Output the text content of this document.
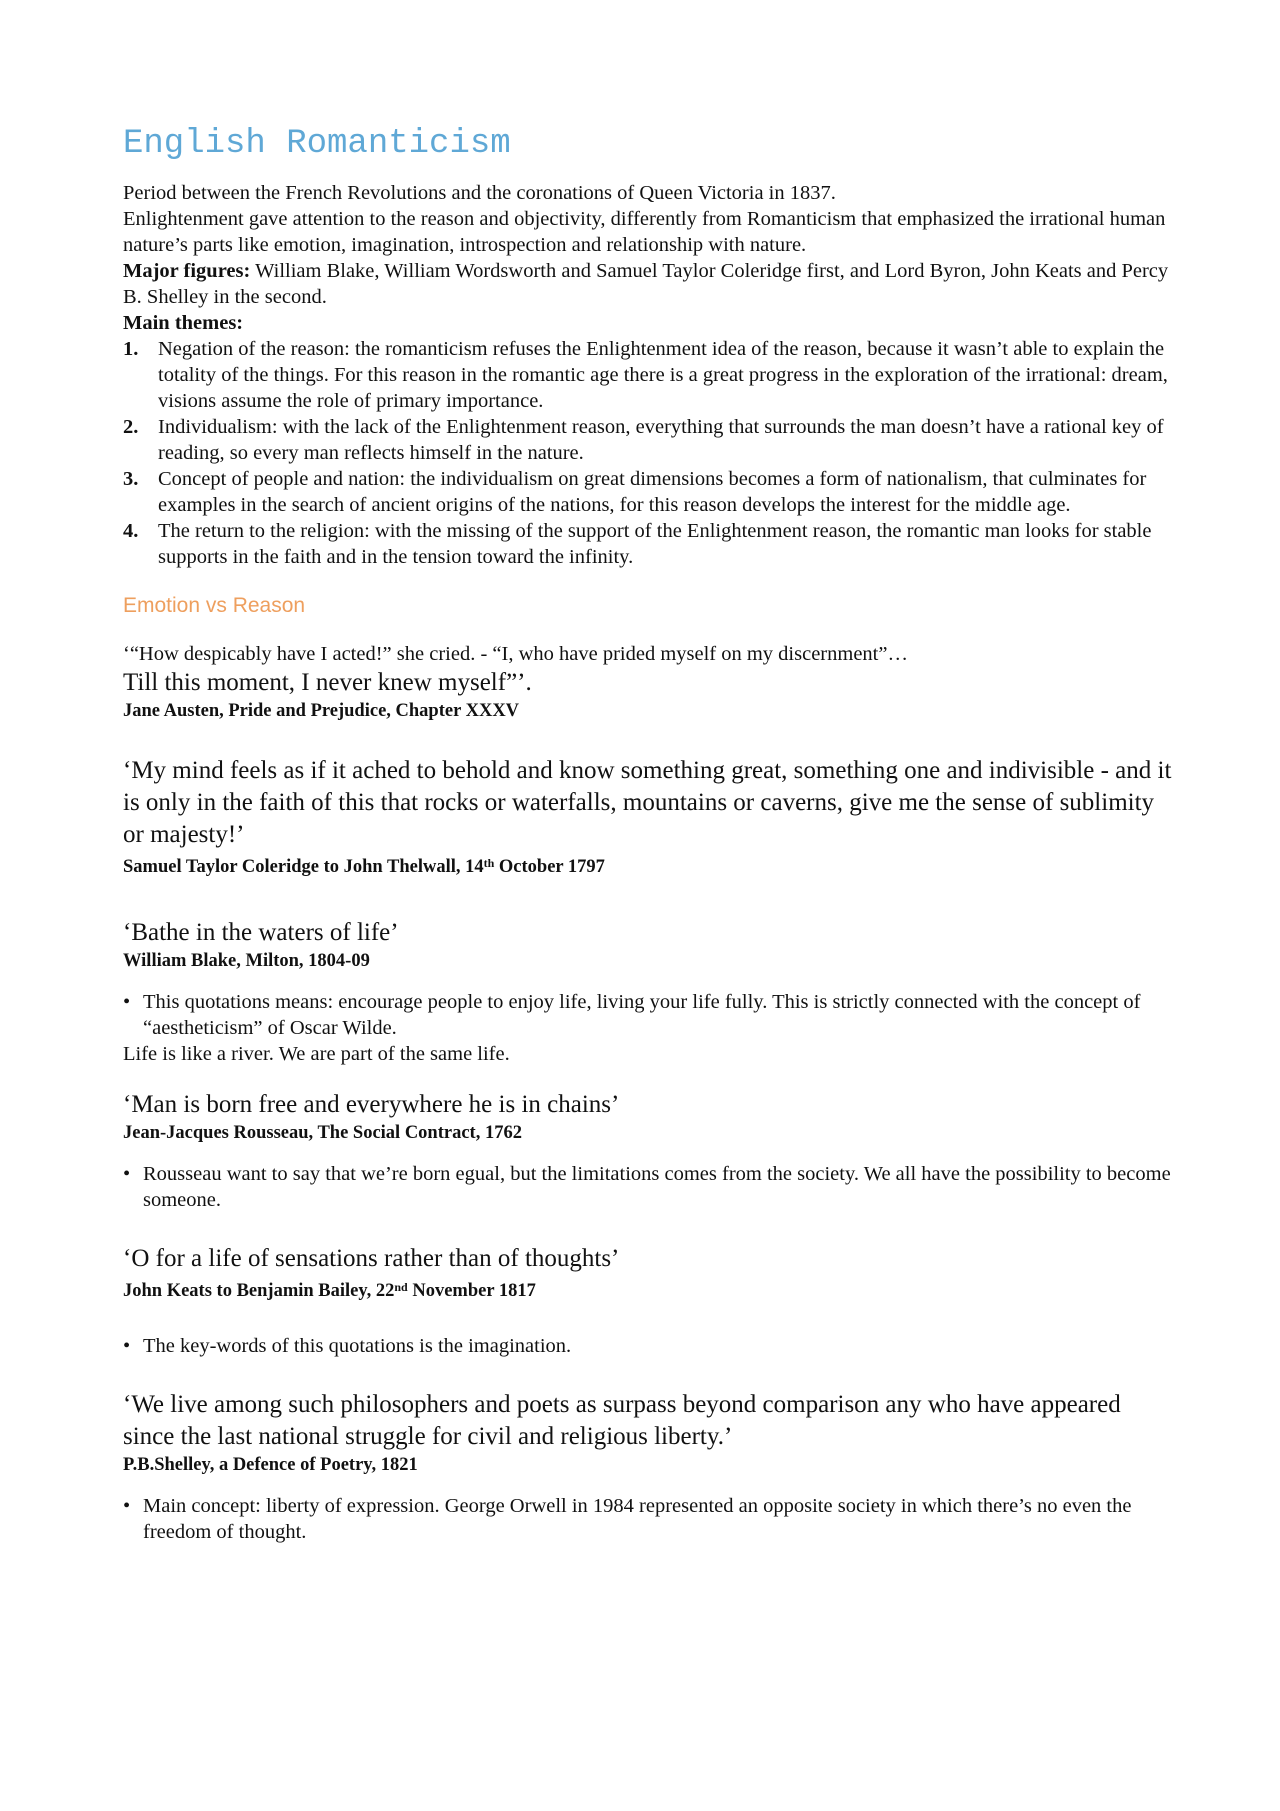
English Romanticism

Period between the French Revolutions and the coronations of Queen Victoria in 1837.

Enlightenment gave attention to the reason and objectivity, differently from Romanticism that emphasized the irrational human nature’s parts like emotion, imagination, introspection and relationship with nature.

Major figures: William Blake, William Wordsworth and Samuel Taylor Coleridge first, and Lord Byron, John Keats and Percy B. Shelley in the second.

Main themes:

1. Negation of the reason: the romanticism refuses the Enlightenment idea of the reason, because it wasn’t able to explain the totality of the things. For this reason in the romantic age there is a great progress in the exploration of the irrational: dream, visions assume the role of primary importance.
2. Individualism: with the lack of the Enlightenment reason, everything that surrounds the man doesn’t have a rational key of reading, so every man reflects himself in the nature.
3. Concept of people and nation: the individualism on great dimensions becomes a form of nationalism, that culminates for examples in the search of ancient origins of the nations, for this reason develops the interest for the middle age.
4. The return to the religion: with the missing of the support of the Enlightenment reason, the romantic man looks for stable supports in the faith and in the tension toward the infinity.
Emotion vs Reason

‘“How despicably have I acted!” she cried. - “I, who have prided myself on my discernment”…

Till this moment, I never knew myself”’.

Jane Austen, Pride and Prejudice, Chapter XXXV

‘My mind feels as if it ached to behold and know something great, something one and indivisible - and it is only in the faith of this that rocks or waterfalls, mountains or caverns, give me the sense of sublimity or majesty!’

Samuel Taylor Coleridge to John Thelwall, 14th October 1797

‘Bathe in the waters of life’

William Blake, Milton, 1804-09

• This quotations means: encourage people to enjoy life, living your life fully. This is strictly connected with the concept of “aestheticism” of Oscar Wilde.

Life is like a river. We are part of the same life.

‘Man is born free and everywhere he is in chains’

Jean-Jacques Rousseau, The Social Contract, 1762

• Rousseau want to say that we’re born egual, but the limitations comes from the society. We all have the possibility to become someone.

‘O for a life of sensations rather than of thoughts’

John Keats to Benjamin Bailey, 22nd November 1817

• The key-words of this quotations is the imagination.

‘We live among such philosophers and poets as surpass beyond comparison any who have appeared since the last national struggle for civil and religious liberty.’

P.B.Shelley, a Defence of Poetry, 1821

• Main concept: liberty of expression. George Orwell in 1984 represented an opposite society in which there’s no even the freedom of thought.
